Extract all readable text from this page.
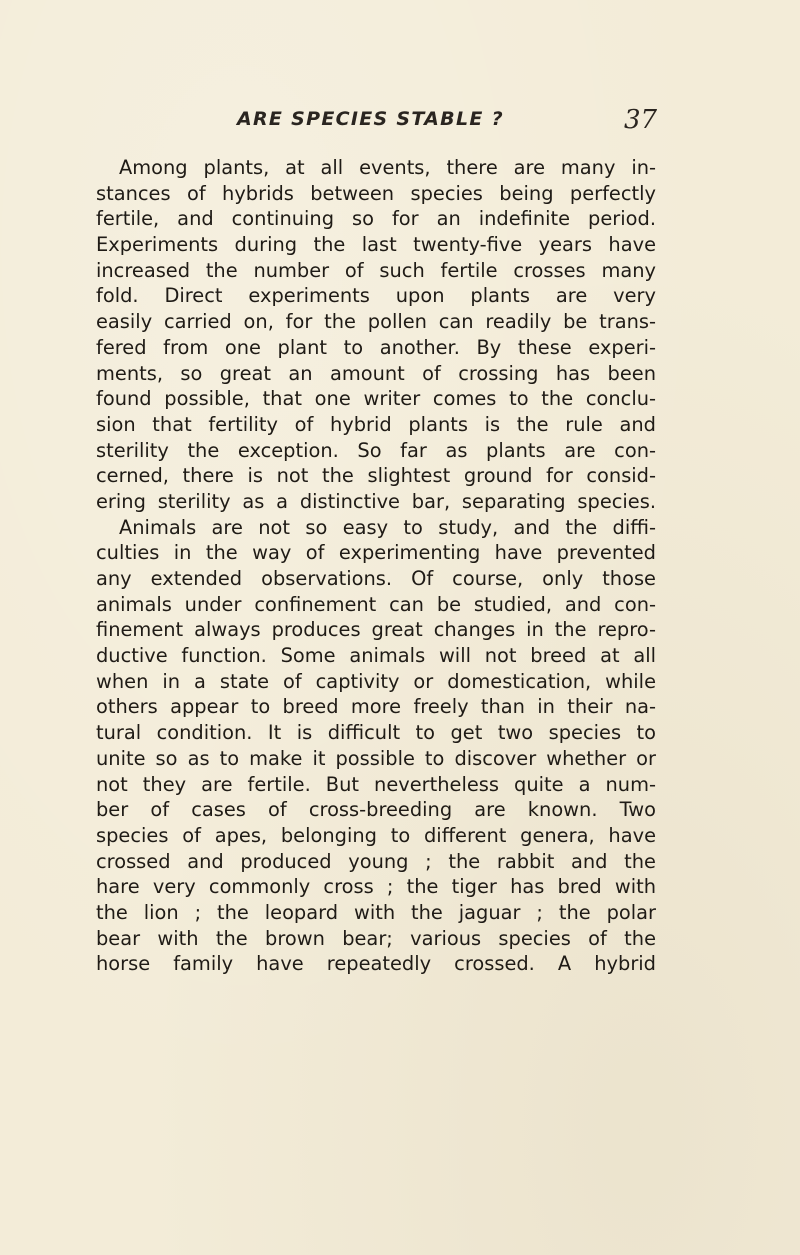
ARE SPECIES STABLE ?	37
Among plants, at all events, there are many in-
stances of hybrids between species being perfectly
fertile, and continuing so for an indefinite period.
Experiments during the last twenty-five years have
increased the number of such fertile crosses many
fold. Direct experiments upon plants are very
easily carried on, for the pollen can readily be trans-
fered from one plant to another. By these experi-
ments, so great an amount of crossing has been
found possible, that one writer comes to the conclu-
sion that fertility of hybrid plants is the rule and
sterility the exception. So far as plants are con-
cerned, there is not the slightest ground for consid-
ering sterility as a distinctive bar, separating species.
Animals are not so easy to study, and the diffi-
culties in the way of experimenting have prevented
any extended observations. Of course, only those
animals under confinement can be studied, and con-
finement always produces great changes in the repro-
ductive function. Some animals will not breed at all
when in a state of captivity or domestication, while
others appear to breed more freely than in their na-
tural condition. It is difficult to get two species to
unite so as to make it possible to discover whether or
not they are fertile. But nevertheless quite a num-
ber of cases of cross-breeding are known. Two
species of apes, belonging to different genera, have
crossed and produced young ; the rabbit and the
hare very commonly cross ; the tiger has bred with
the lion ; the leopard with the jaguar ; the polar
bear with the brown bear; various species of the
horse family have repeatedly crossed. A hybrid
